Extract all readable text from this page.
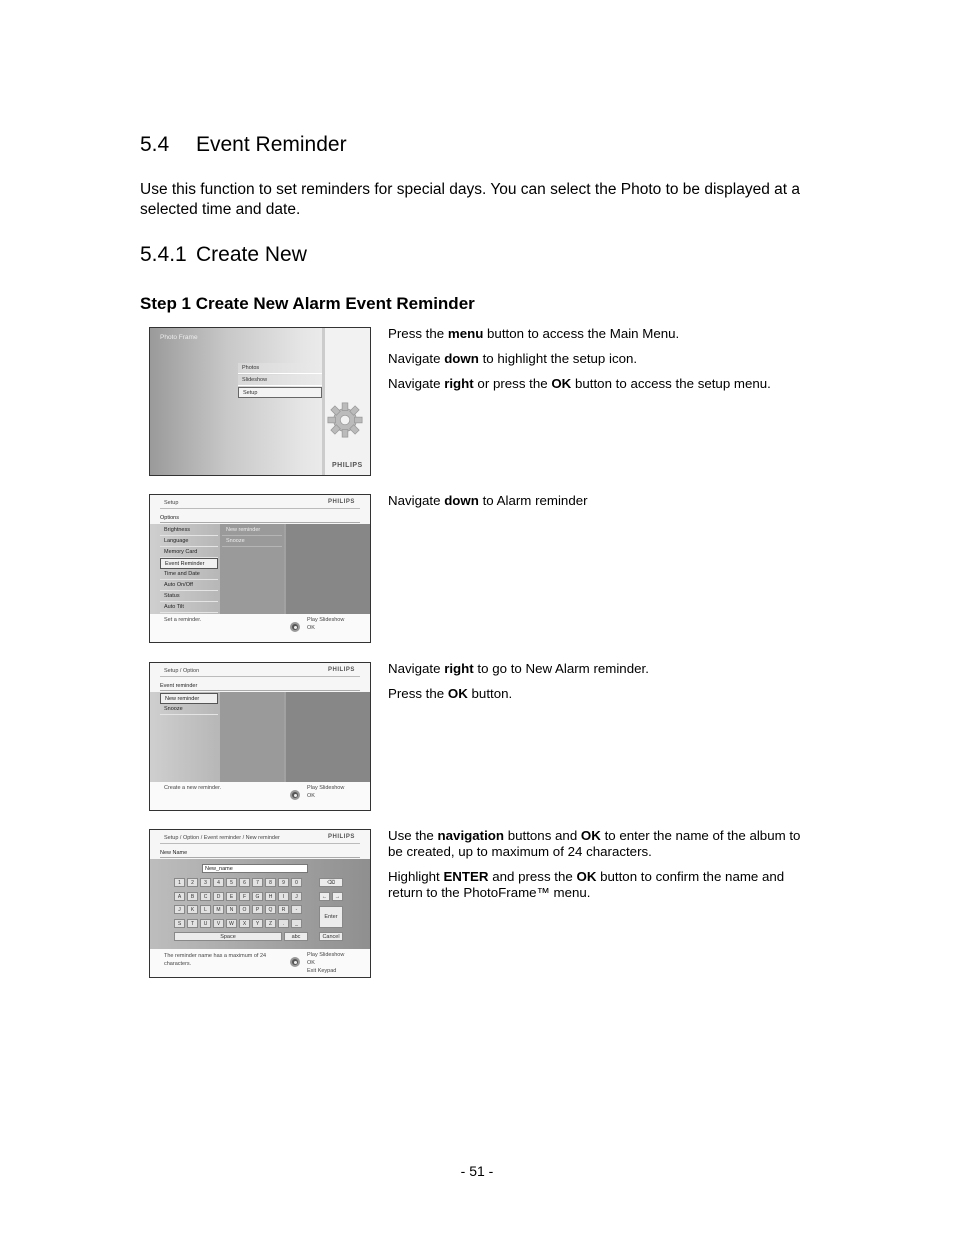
5.4 Event Reminder

Use this function to set reminders for special days. You can select the Photo to be displayed at a selected time and date.

5.4.1 Create New
Step 1 Create New Alarm Event Reminder

Press the menu button to access the Main Menu.

Navigate down to highlight the setup icon.

Navigate right or press the OK button to access the setup menu.

Navigate down to Alarm reminder

Navigate right to go to New Alarm reminder.

Press the OK button.

Use the navigation buttons and OK to enter the name of the album to be created, up to maximum of 24 characters.

Highlight ENTER and press the OK button to confirm the name and return to the PhotoFrame™ menu.

Photo Frame
Photos
Slideshow
Setup
PHILIPS
Setup	PHILIPS
Options
Brightness
Language
Memory Card
Event Reminder
Time and Date
Auto On/Off
Status
Auto Tilt
New reminder
Snooze
Set a reminder.	Play Slideshow
OK
Setup / Option	PHILIPS
Event reminder
New reminder
Snooze
Create a new reminder.	Play Slideshow
OK
Setup / Option / Event reminder / New reminder	PHILIPS
New Name
New_name
1	2	3	4	5	6	7	8	9	0
A	B	C	D	E	F	G	H	I	J
J	K	L	M	N	O	P	Q	R	-
S	T	U	V	W	X	Y	Z	.	_
⌫
←	→
Enter
Space	abc	Cancel
The reminder name has a maximum of 24 characters.
Play Slideshow
OK
Exit Keypad
- 51 -
